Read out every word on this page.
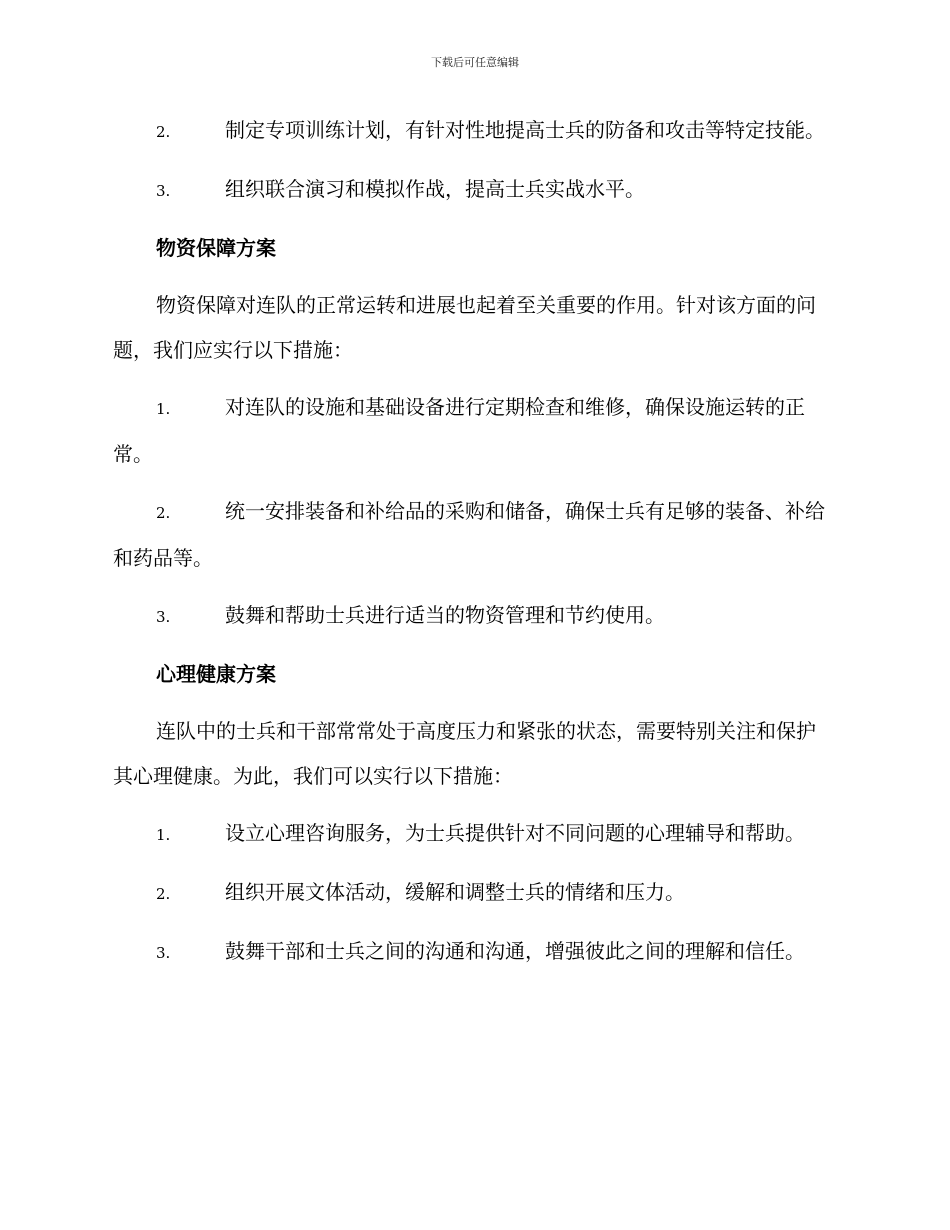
下载后可任意编辑
2.	制定专项训练计划，有针对性地提高士兵的防备和攻击等特定技能。
3.	组织联合演习和模拟作战，提高士兵实战水平。
物资保障方案
物资保障对连队的正常运转和进展也起着至关重要的作用。针对该方面的问题，我们应实行以下措施：
1.	对连队的设施和基础设备进行定期检查和维修，确保设施运转的正常。
2.	统一安排装备和补给品的采购和储备，确保士兵有足够的装备、补给和药品等。
3.	鼓舞和帮助士兵进行适当的物资管理和节约使用。
心理健康方案
连队中的士兵和干部常常处于高度压力和紧张的状态，需要特别关注和保护其心理健康。为此，我们可以实行以下措施：
1.	设立心理咨询服务，为士兵提供针对不同问题的心理辅导和帮助。
2.	组织开展文体活动，缓解和调整士兵的情绪和压力。
3.	鼓舞干部和士兵之间的沟通和沟通，增强彼此之间的理解和信任。
